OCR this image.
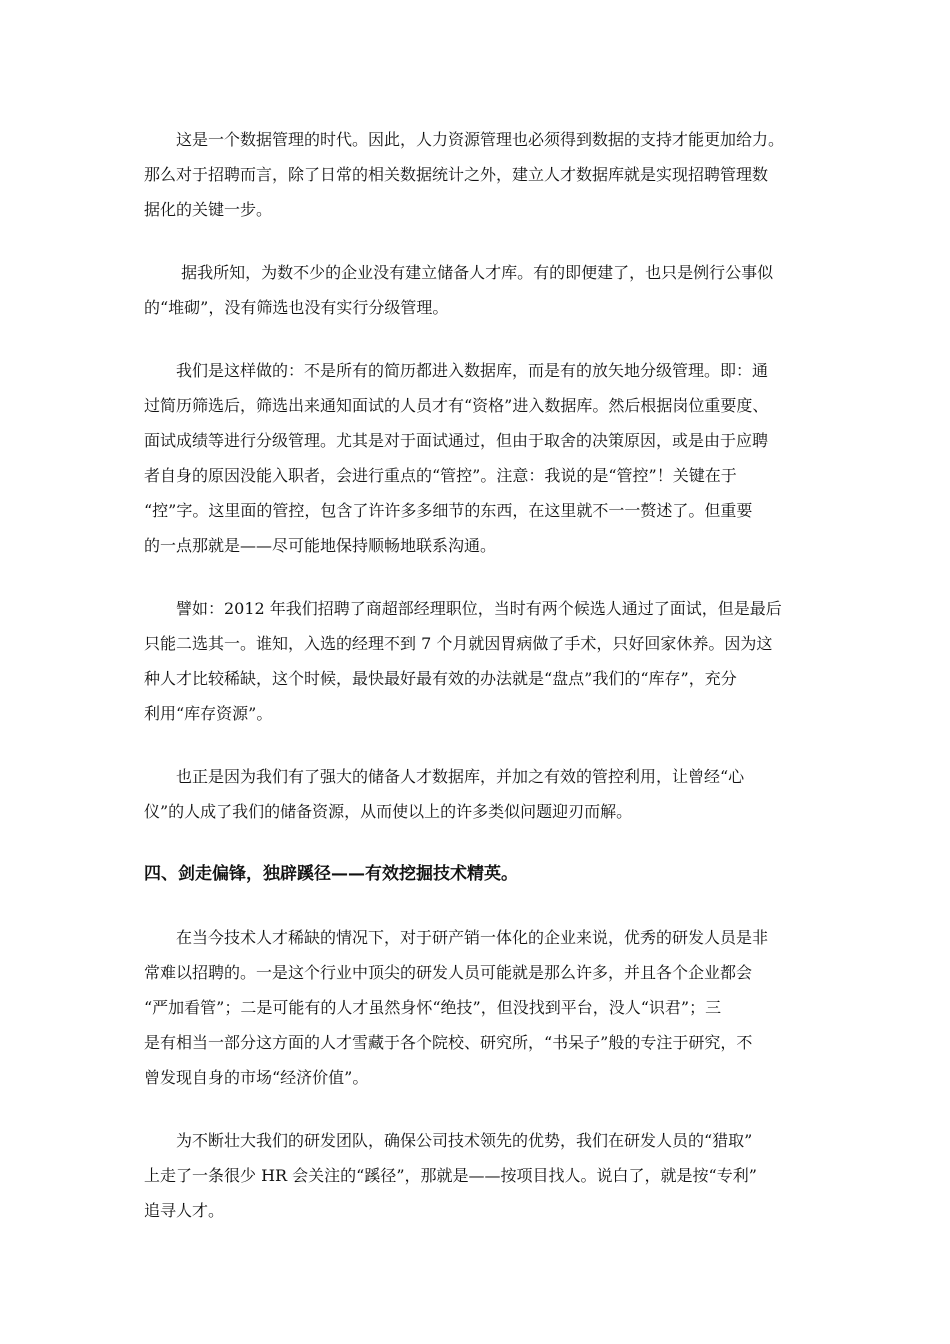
　　这是一个数据管理的时代。因此，人力资源管理也必须得到数据的支持才能更加给力。
那么对于招聘而言，除了日常的相关数据统计之外，建立人才数据库就是实现招聘管理数
据化的关键一步。
　　 据我所知，为数不少的企业没有建立储备人才库。有的即便建了，也只是例行公事似
的“堆砌”，没有筛选也没有实行分级管理。
　　我们是这样做的：不是所有的简历都进入数据库，而是有的放矢地分级管理。即：通
过简历筛选后，筛选出来通知面试的人员才有“资格”进入数据库。然后根据岗位重要度、
面试成绩等进行分级管理。尤其是对于面试通过，但由于取舍的决策原因，或是由于应聘
者自身的原因没能入职者，会进行重点的“管控”。注意：我说的是“管控”！关键在于
“控”字。这里面的管控，包含了许许多多细节的东西，在这里就不一一赘述了。但重要
的一点那就是——尽可能地保持顺畅地联系沟通。
　　譬如：2012 年我们招聘了商超部经理职位，当时有两个候选人通过了面试，但是最后
只能二选其一。谁知，入选的经理不到 7 个月就因胃病做了手术，只好回家休养。因为这
种人才比较稀缺，这个时候，最快最好最有效的办法就是“盘点”我们的“库存”，充分
利用“库存资源”。
　　也正是因为我们有了强大的储备人才数据库，并加之有效的管控利用，让曾经“心
仪”的人成了我们的储备资源，从而使以上的许多类似问题迎刃而解。
四、剑走偏锋，独辟蹊径——有效挖掘技术精英。
　　在当今技术人才稀缺的情况下，对于研产销一体化的企业来说，优秀的研发人员是非
常难以招聘的。一是这个行业中顶尖的研发人员可能就是那么许多，并且各个企业都会
“严加看管”；二是可能有的人才虽然身怀“绝技”，但没找到平台，没人“识君”；三
是有相当一部分这方面的人才雪藏于各个院校、研究所，“书呆子”般的专注于研究，不
曾发现自身的市场“经济价值”。
　　为不断壮大我们的研发团队，确保公司技术领先的优势，我们在研发人员的“猎取”
上走了一条很少 HR 会关注的“蹊径”，那就是——按项目找人。说白了，就是按“专利”
追寻人才。
